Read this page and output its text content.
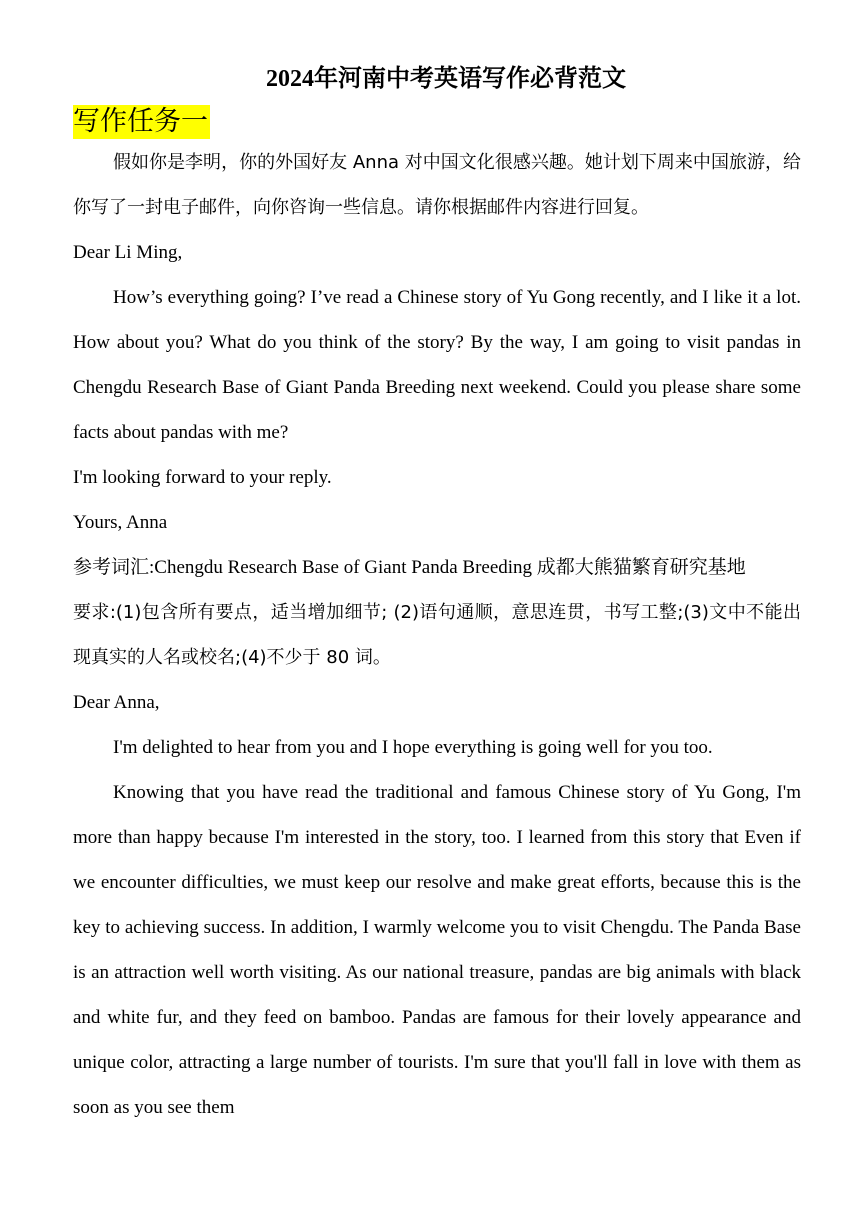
2024年河南中考英语写作必背范文
写作任务一

假如你是李明，你的外国好友 Anna 对中国文化很感兴趣。她计划下周来中国旅游，给你写了一封电子邮件，向你咨询一些信息。请你根据邮件内容进行回复。

Dear Li Ming,

How’s everything going? I’ve read a Chinese story of Yu Gong recently, and I like it a lot. How about you? What do you think of the story? By the way, I am going to visit pandas in Chengdu Research Base of Giant Panda Breeding next weekend. Could you please share some facts about pandas with me?

I'm looking forward to your reply.

Yours, Anna

参考词汇:Chengdu Research Base of Giant Panda Breeding 成都大熊猫繁育研究基地

要求:(1)包含所有要点，适当增加细节; (2)语句通顺，意思连贯，书写工整;(3)文中不能出现真实的人名或校名;(4)不少于 80 词。

Dear Anna,

I'm delighted to hear from you and I hope everything is going well for you too.

Knowing that you have read the traditional and famous Chinese story of Yu Gong, I'm more than happy because I'm interested in the story, too. I learned from this story that Even if we encounter difficulties, we must keep our resolve and make great efforts, because this is the key to achieving success. In addition, I warmly welcome you to visit Chengdu. The Panda Base is an attraction well worth visiting. As our national treasure, pandas are big animals with black and white fur, and they feed on bamboo. Pandas are famous for their lovely appearance and unique color, attracting a large number of tourists. I'm sure that you'll fall in love with them as soon as you see them
